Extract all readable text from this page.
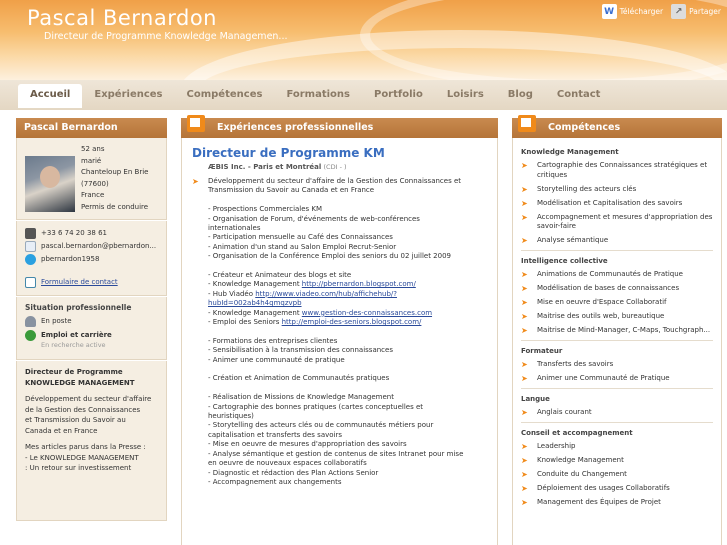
Pascal Bernardon
Directeur de Programme Knowledge Managemen...
W Télécharger	↗ Partager
Accueil	Expériences	Compétences	Formations	Portfolio	Loisirs	Blog	Contact
Pascal Bernardon
52 ans
marié
Chanteloup En Brie
(77600)
France
Permis de conduire
+33 6 74 20 38 61
pascal.bernardon@pbernardon...
pbernardon1958
Formulaire de contact
Situation professionnelle
En poste
Emploi et carrière
En recherche active
Directeur de Programme
KNOWLEDGE MANAGEMENT
Développement du secteur d'affaire
de la Gestion des Connaissances
et Transmission du Savoir au
Canada et en France
Mes articles parus dans la Presse :
- Le KNOWLEDGE MANAGEMENT
: Un retour sur investissement
Expériences professionnelles
Directeur de Programme KM
ÆBIS Inc. - Paris et Montréal (CDI - )
➤	Développement du secteur d'affaire de la Gestion des Connaissances et
Transmission du Savoir au Canada et en France
- Prospections Commerciales KM
- Organisation de Forum, d'événements de web-conférences
internationales
- Participation mensuelle au Café des Connaissances
- Animation d'un stand au Salon Emploi Recrut-Senior
- Organisation de la Conférence Emploi des seniors du 02 juillet 2009
- Créateur et Animateur des blogs et site
- Knowledge Management http://pbernardon.blogspot.com/
- Hub Viadéo http://www.viadeo.com/hub/affichehub/?
hubId=002ab4h4qmqzvpb
- Knowledge Management www.gestion-des-connaissances.com
- Emploi des Seniors http://emploi-des-seniors.blogspot.com/
- Formations des entreprises clientes
- Sensibilisation à la transmission des connaissances
- Animer une communauté de pratique
- Création et Animation de Communautés pratiques
- Réalisation de Missions de Knowledge Management
- Cartographie des bonnes pratiques (cartes conceptuelles et
heuristiques)
- Storytelling des acteurs clés ou de communautés métiers pour
capitalisation et transferts des savoirs
- Mise en oeuvre de mesures d'appropriation des savoirs
- Analyse sémantique et gestion de contenus de sites Intranet pour mise
en oeuvre de nouveaux espaces collaboratifs
- Diagnostic et rédaction des Plan Actions Senior
- Accompagnement aux changements
Compétences
Knowledge Management
➤	Cartographie des Connaissances stratégiques et critiques
➤	Storytelling des acteurs clés
➤	Modélisation et Capitalisation des savoirs
➤	Accompagnement et mesures d'appropriation des savoir-faire
➤	Analyse sémantique
Intelligence collective
➤	Animations de Communautés de Pratique
➤	Modélisation de bases de connaissances
➤	Mise en oeuvre d'Espace Collaboratif
➤	Maitrise des outils web, bureautique
➤	Maitrise de Mind-Manager, C-Maps, Touchgraph...
Formateur
➤	Transferts des savoirs
➤	Animer une Communauté de Pratique
Langue
➤	Anglais courant
Conseil et accompagnement
➤	Leadership
➤	Knowledge Management
➤	Conduite du Changement
➤	Déploiement des usages Collaboratifs
➤	Management des Équipes de Projet
